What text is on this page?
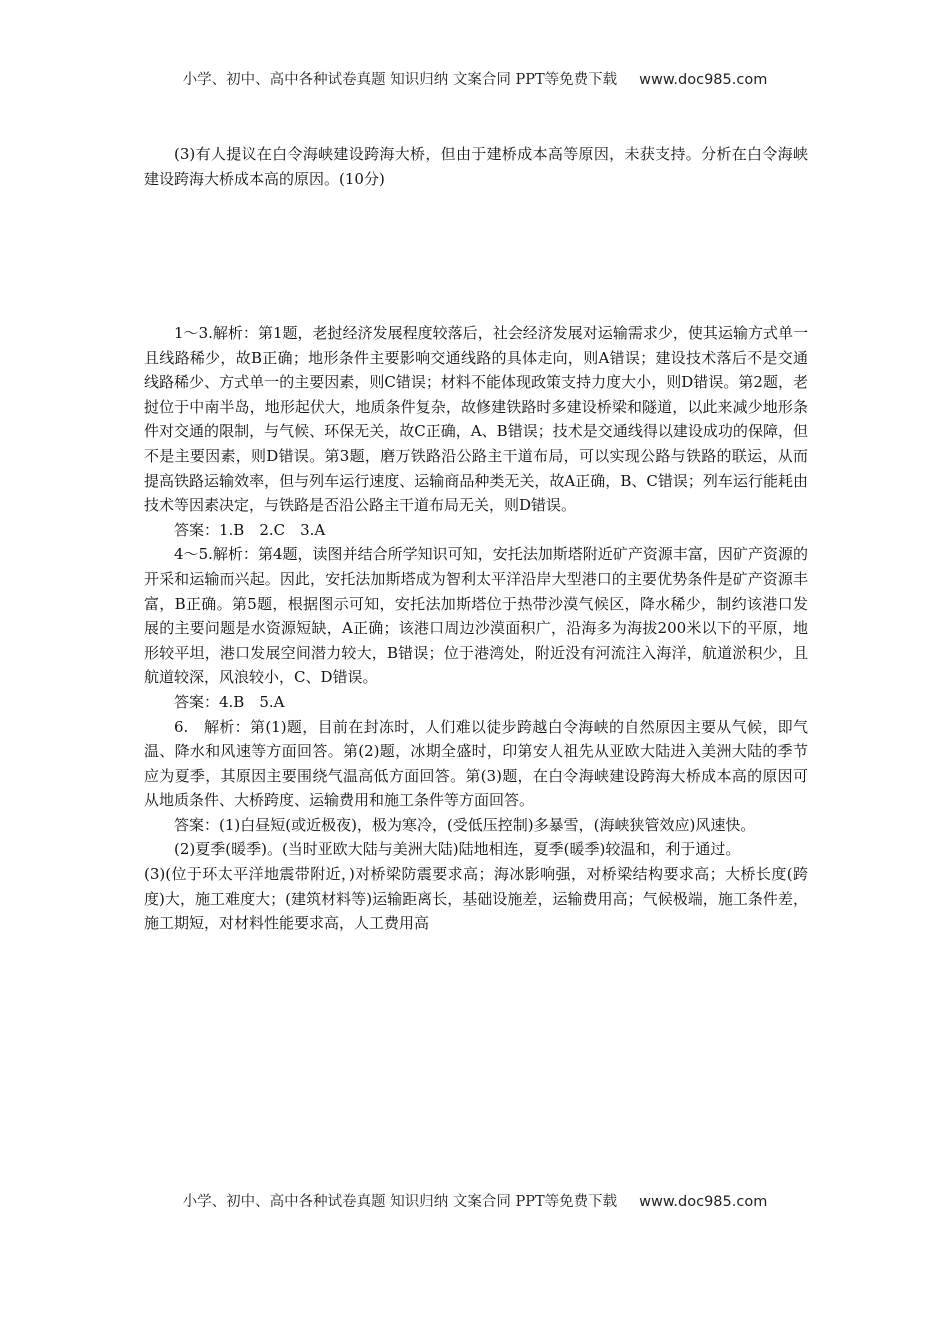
小学、初中、高中各种试卷真题 知识归纳 文案合同 PPT等免费下载 www.doc985.com

(3)有人提议在白令海峡建设跨海大桥，但由于建桥成本高等原因，未获支持。分析在白令海峡建设跨海大桥成本高的原因。(10分)

1～3.解析：第1题，老挝经济发展程度较落后，社会经济发展对运输需求少，使其运输方式单一且线路稀少，故B正确；地形条件主要影响交通线路的具体走向，则A错误；建设技术落后不是交通线路稀少、方式单一的主要因素，则C错误；材料不能体现政策支持力度大小，则D错误。第2题，老挝位于中南半岛，地形起伏大，地质条件复杂，故修建铁路时多建设桥梁和隧道，以此来减少地形条件对交通的限制，与气候、环保无关，故C正确，A、B错误；技术是交通线得以建设成功的保障，但不是主要因素，则D错误。第3题，磨万铁路沿公路主干道布局，可以实现公路与铁路的联运，从而提高铁路运输效率，但与列车运行速度、运输商品种类无关，故A正确，B、C错误；列车运行能耗由技术等因素决定，与铁路是否沿公路主干道布局无关，则D错误。

答案：1.B　2.C　3.A

4～5.解析：第4题，读图并结合所学知识可知，安托法加斯塔附近矿产资源丰富，因矿产资源的开采和运输而兴起。因此，安托法加斯塔成为智利太平洋沿岸大型港口的主要优势条件是矿产资源丰富，B正确。第5题，根据图示可知，安托法加斯塔位于热带沙漠气候区，降水稀少，制约该港口发展的主要问题是水资源短缺，A正确；该港口周边沙漠面积广，沿海多为海拔200米以下的平原，地形较平坦，港口发展空间潜力较大，B错误；位于港湾处，附近没有河流注入海洋，航道淤积少，且航道较深，风浪较小，C、D错误。

答案：4.B　5.A

6.　解析：第(1)题，目前在封冻时，人们难以徒步跨越白令海峡的自然原因主要从气候，即气温、降水和风速等方面回答。第(2)题，冰期全盛时，印第安人祖先从亚欧大陆进入美洲大陆的季节应为夏季，其原因主要围绕气温高低方面回答。第(3)题，在白令海峡建设跨海大桥成本高的原因可从地质条件、大桥跨度、运输费用和施工条件等方面回答。

答案：(1)白昼短(或近极夜)，极为寒冷，(受低压控制)多暴雪，(海峡狭管效应)风速快。

(2)夏季(暖季)。(当时亚欧大陆与美洲大陆)陆地相连，夏季(暖季)较温和，利于通过。

(3)(位于环太平洋地震带附近，)对桥梁防震要求高；海冰影响强，对桥梁结构要求高；大桥长度(跨度)大，施工难度大；(建筑材料等)运输距离长，基础设施差，运输费用高；气候极端，施工条件差，施工期短，对材料性能要求高，人工费用高

小学、初中、高中各种试卷真题 知识归纳 文案合同 PPT等免费下载 www.doc985.com
